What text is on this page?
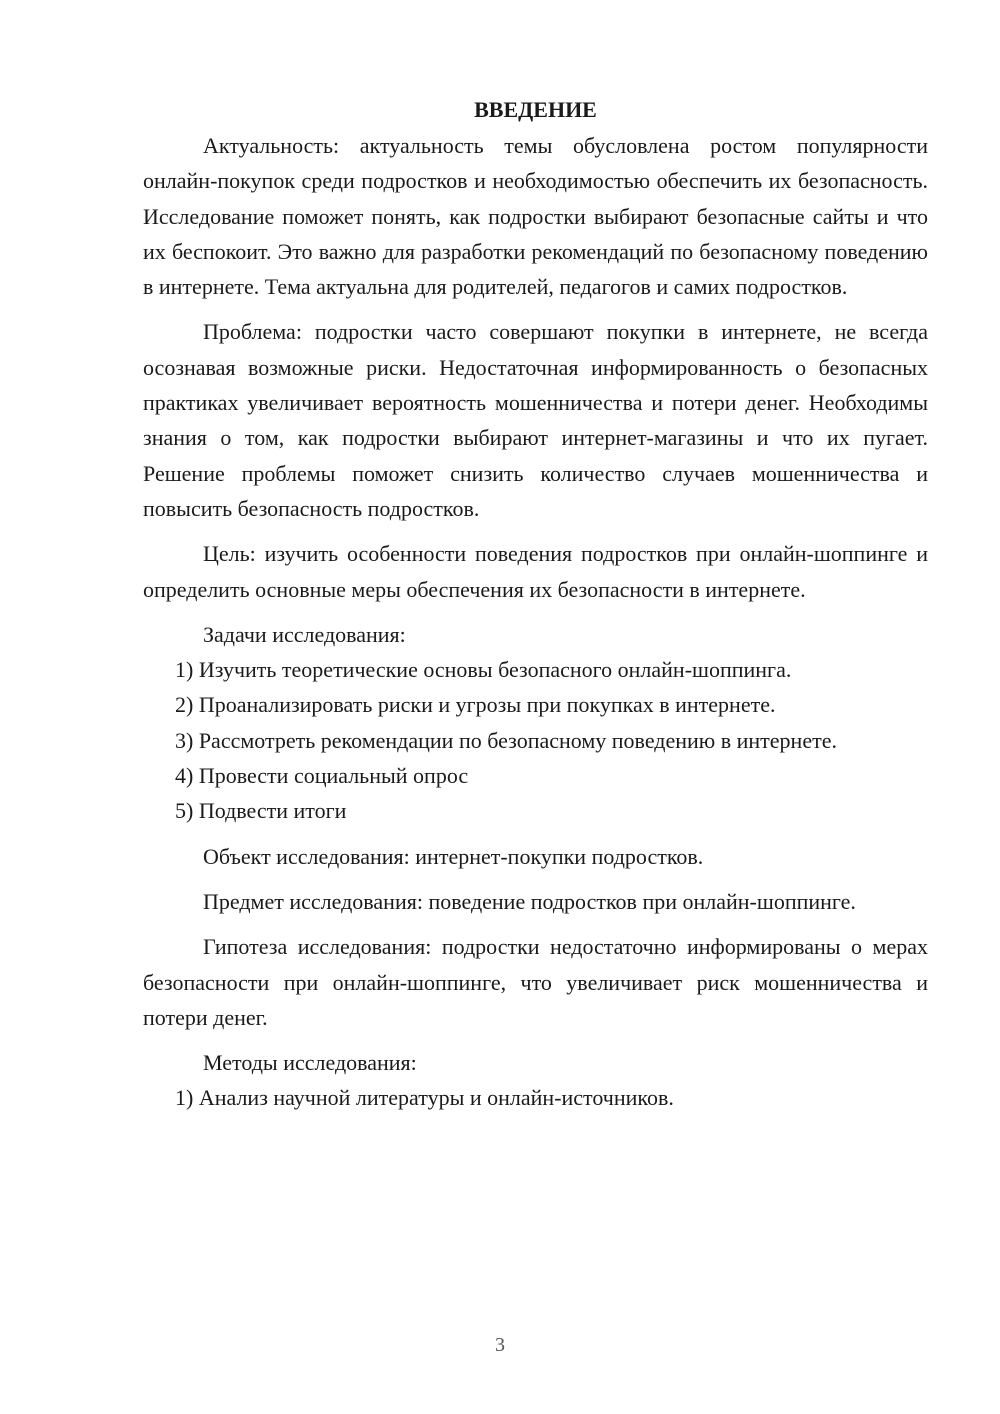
ВВЕДЕНИЕ

Актуальность: актуальность темы обусловлена ростом популярности онлайн-покупок среди подростков и необходимостью обеспечить их безопасность. Исследование поможет понять, как подростки выбирают безопасные сайты и что их беспокоит. Это важно для разработки рекомендаций по безопасному поведению в интернете. Тема актуальна для родителей, педагогов и самих подростков.

Проблема: подростки часто совершают покупки в интернете, не всегда осознавая возможные риски. Недостаточная информированность о безопасных практиках увеличивает вероятность мошенничества и потери денег. Необходимы знания о том, как подростки выбирают интернет-магазины и что их пугает. Решение проблемы поможет снизить количество случаев мошенничества и повысить безопасность подростков.

Цель: изучить особенности поведения подростков при онлайн-шоппинге и определить основные меры обеспечения их безопасности в интернете.

Задачи исследования:

1) Изучить теоретические основы безопасного онлайн-шоппинга.

2) Проанализировать риски и угрозы при покупках в интернете.

3) Рассмотреть рекомендации по безопасному поведению в интернете.

4) Провести социальный опрос

5) Подвести итоги

Объект исследования: интернет-покупки подростков.

Предмет исследования: поведение подростков при онлайн-шоппинге.

Гипотеза исследования: подростки недостаточно информированы о мерах безопасности при онлайн-шоппинге, что увеличивает риск мошенничества и потери денег.

Методы исследования:

1) Анализ научной литературы и онлайн-источников.

3
